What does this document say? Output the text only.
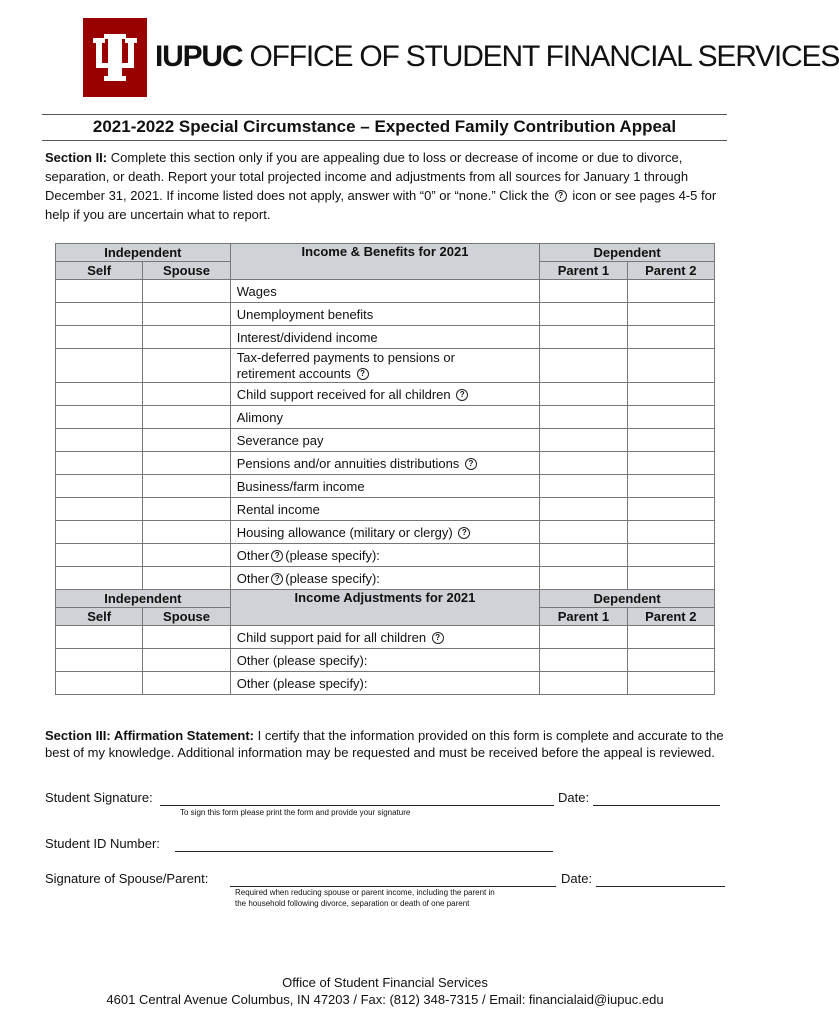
IUPUC OFFICE OF STUDENT FINANCIAL SERVICES
2021-2022 Special Circumstance – Expected Family Contribution Appeal
Section II: Complete this section only if you are appealing due to loss or decrease of income or due to divorce, separation, or death. Report your total projected income and adjustments from all sources for January 1 through December 31, 2021. If income listed does not apply, answer with “0” or “none.” Click the ? icon or see pages 4-5 for help if you are uncertain what to report.
Independent		Income & Benefits for 2021	Dependent	
Self	Spouse		Parent 1	Parent 2
		Wages		
		Unemployment benefits		
		Interest/dividend income		
		Tax-deferred payments to pensions or
retirement accounts ?		
		Child support received for all children ?		
		Alimony		
		Severance pay		
		Pensions and/or annuities distributions ?		
		Business/farm income		
		Rental income		
		Housing allowance (military or clergy) ?		
		Other ? (please specify):		
		Other ? (please specify):		
Independent		Income Adjustments for 2021	Dependent	
Self	Spouse		Parent 1	Parent 2
		Child support paid for all children ?		
		Other (please specify):		
		Other (please specify):		
Section III: Affirmation Statement: I certify that the information provided on this form is complete and accurate to the best of my knowledge. Additional information may be requested and must be received before the appeal is reviewed.
Student Signature:	Date:
To sign this form please print the form and provide your signature
Student ID Number:
Signature of Spouse/Parent:	Date:
Required when reducing spouse or parent income, including the parent in
the household following divorce, separation or death of one parent
Office of Student Financial Services
4601 Central Avenue Columbus, IN 47203 / Fax: (812) 348-7315 / Email: financialaid@iupuc.edu
